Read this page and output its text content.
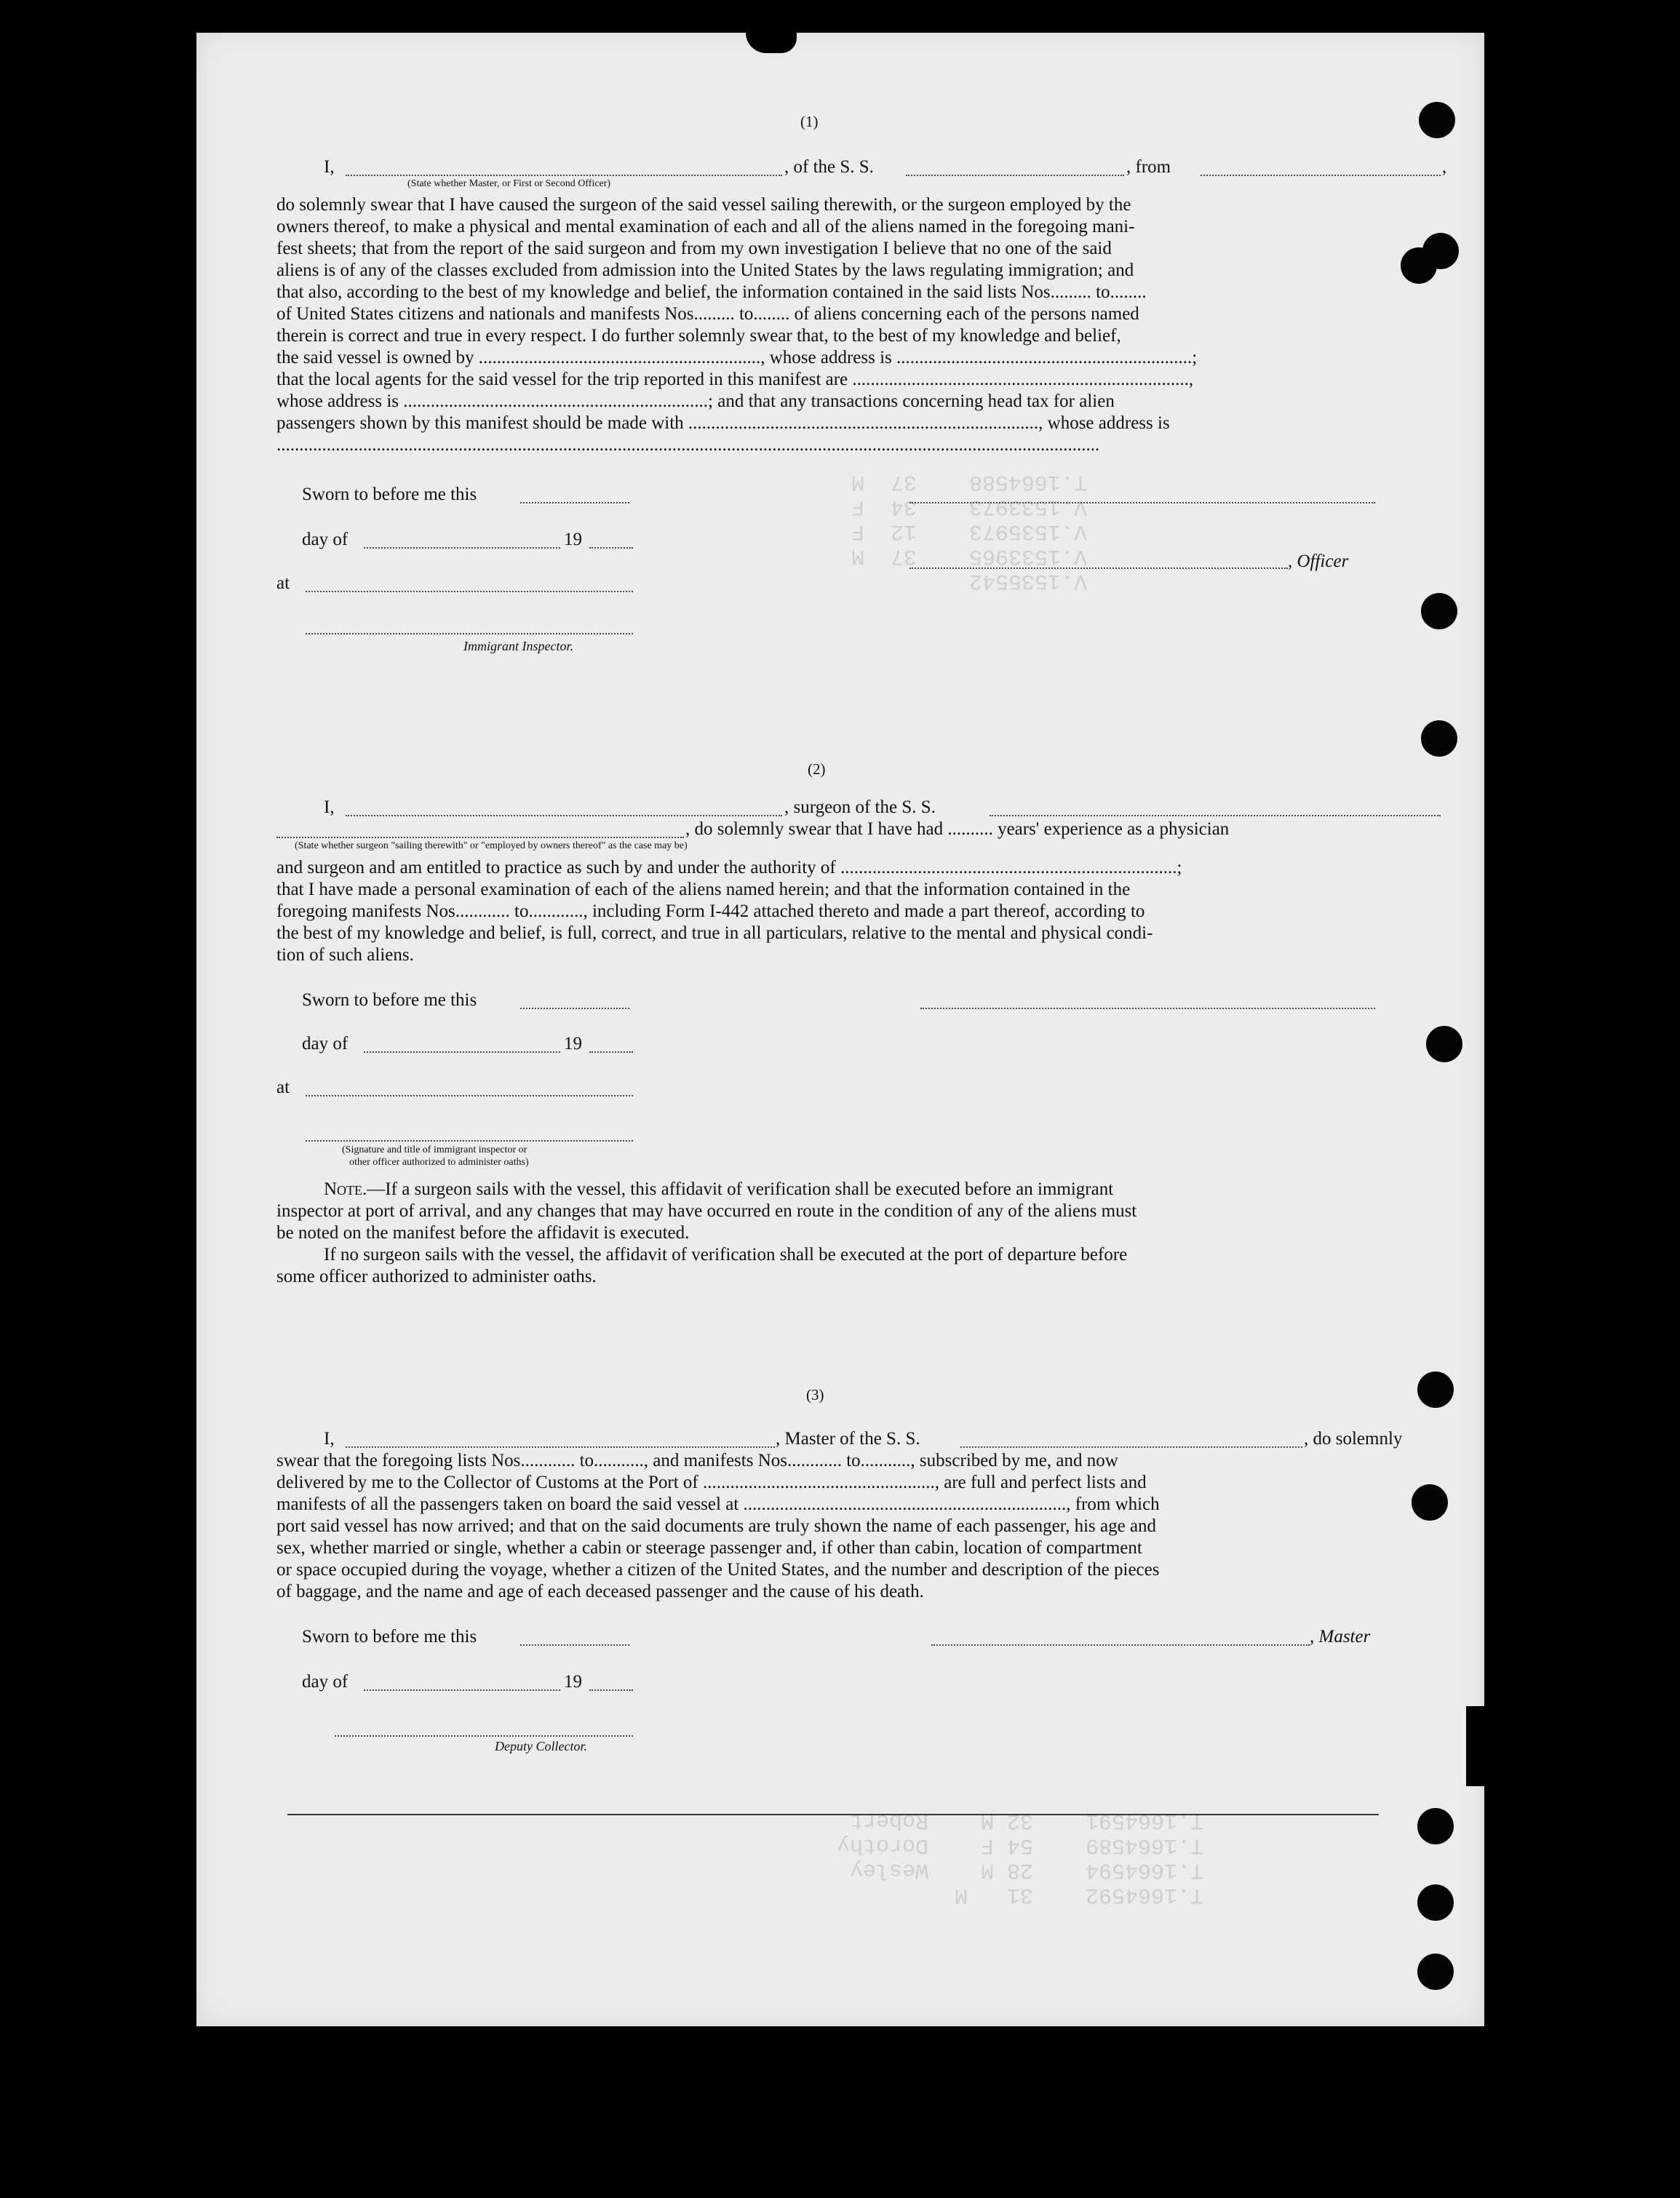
T.1664592    31   M
T.1664594    28 M    Wesley
T.1664589    54 F    Dorothy
T.1664591    32 M    Robert
V.1535542
V.1533965    37  M
V.1535973    12  F
V.1533973    34  F
T.1664588    37  M
(1)
I,	, of the S. S.	, from	,
(State whether Master, or First or Second Officer)
do solemnly swear that I have caused the surgeon of the said vessel sailing therewith, or the surgeon employed by the
owners thereof, to make a physical and mental examination of each and all of the aliens named in the foregoing mani-
fest sheets; that from the report of the said surgeon and from my own investigation I believe that no one of the said
aliens is of any of the classes excluded from admission into the United States by the laws regulating immigration; and
that also, according to the best of my knowledge and belief, the information contained in the said lists Nos......... to........
of United States citizens and nationals and manifests Nos......... to........ of aliens concerning each of the persons named
therein is correct and true in every respect. I do further solemnly swear that, to the best of my knowledge and belief,
the said vessel is owned by .............................................................., whose address is .................................................................;
that the local agents for the said vessel for the trip reported in this manifest are ..........................................................................,
whose address is ...................................................................; and that any transactions concerning head tax for alien
passengers shown by this manifest should be made with ............................................................................., whose address is
.....................................................................................................................................................................................
Sworn to before me this
day of	19
, Officer
at
Immigrant Inspector.
(2)
I,	, surgeon of the S. S.
, do solemnly swear that I have had .......... years' experience as a physician
(State whether surgeon "sailing therewith" or "employed by owners thereof" as the case may be)
and surgeon and am entitled to practice as such by and under the authority of ..........................................................................;
that I have made a personal examination of each of the aliens named herein; and that the information contained in the
foregoing manifests Nos............ to............, including Form I-442 attached thereto and made a part thereof, according to
the best of my knowledge and belief, is full, correct, and true in all particulars, relative to the mental and physical condi-
tion of such aliens.
Sworn to before me this
day of	19
at
(Signature and title of immigrant inspector or
other officer authorized to administer oaths)
Note.—If a surgeon sails with the vessel, this affidavit of verification shall be executed before an immigrant
inspector at port of arrival, and any changes that may have occurred en route in the condition of any of the aliens must
be noted on the manifest before the affidavit is executed.
If no surgeon sails with the vessel, the affidavit of verification shall be executed at the port of departure before
some officer authorized to administer oaths.
(3)
I,	, Master of the S. S.	, do solemnly
swear that the foregoing lists Nos............ to..........., and manifests Nos............ to..........., subscribed by me, and now
delivered by me to the Collector of Customs at the Port of ..................................................., are full and perfect lists and
manifests of all the passengers taken on board the said vessel at ......................................................................., from which
port said vessel has now arrived; and that on the said documents are truly shown the name of each passenger, his age and
sex, whether married or single, whether a cabin or steerage passenger and, if other than cabin, location of compartment
or space occupied during the voyage, whether a citizen of the United States, and the number and description of the pieces
of baggage, and the name and age of each deceased passenger and the cause of his death.
Sworn to before me this	, Master
day of	19
Deputy Collector.
